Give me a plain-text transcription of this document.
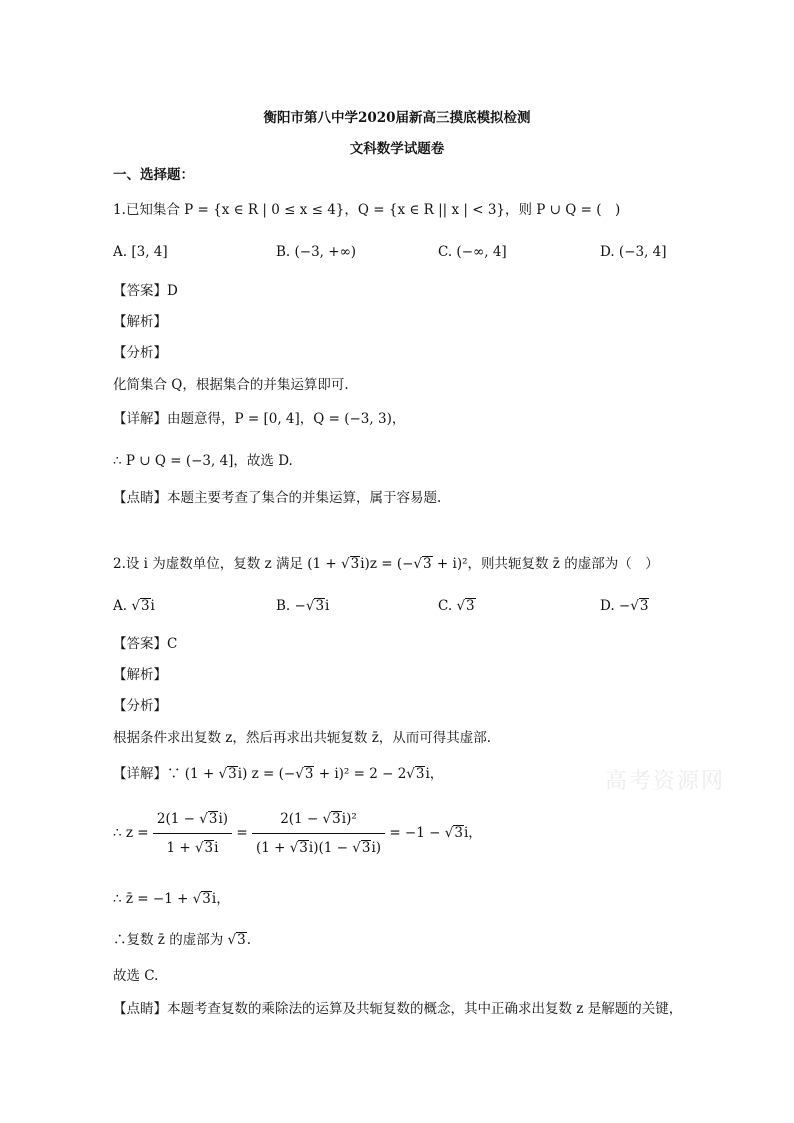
衡阳市第八中学2020届新高三摸底模拟检测
文科数学试题卷
一、选择题：
1.已知集合 P = {x ∈ R | 0 ≤ x ≤ 4}，Q = {x ∈ R || x | < 3}，则 P ∪ Q = (　)
A. [3, 4]	B. (−3, +∞)	C. (−∞, 4]	D. (−3, 4]
【答案】D
【解析】
【分析】
化简集合 Q，根据集合的并集运算即可.
【详解】由题意得，P = [0, 4]，Q = (−3, 3)，
∴ P ∪ Q = (−3, 4]，故选 D.
【点睛】本题主要考查了集合的并集运算，属于容易题.
2.设 i 为虚数单位，复数 z 满足 (1 + √3i)z = (−√3 + i)²，则共轭复数 z̄ 的虚部为（　）
A. √3i	B. −√3i	C. √3	D. −√3
【答案】C
【解析】
【分析】
根据条件求出复数 z，然后再求出共轭复数 z̄，从而可得其虚部.
【详解】∵ (1 + √3i) z = (−√3 + i)² = 2 − 2√3i，
∴ $z = \frac{2(1 - √3i)}{1 + √3i} = \frac{\text{2(1 − √3i)²}}{(1 + √3i)(1 - √3i)} = -1 - √3i$，
∴ z̄ = −1 + √3i，
∴复数 z̄ 的虚部为 √3.
故选 C.
【点睛】本题考查复数的乘除法的运算及共轭复数的概念，其中正确求出复数 z 是解题的关键，
高考资源网
